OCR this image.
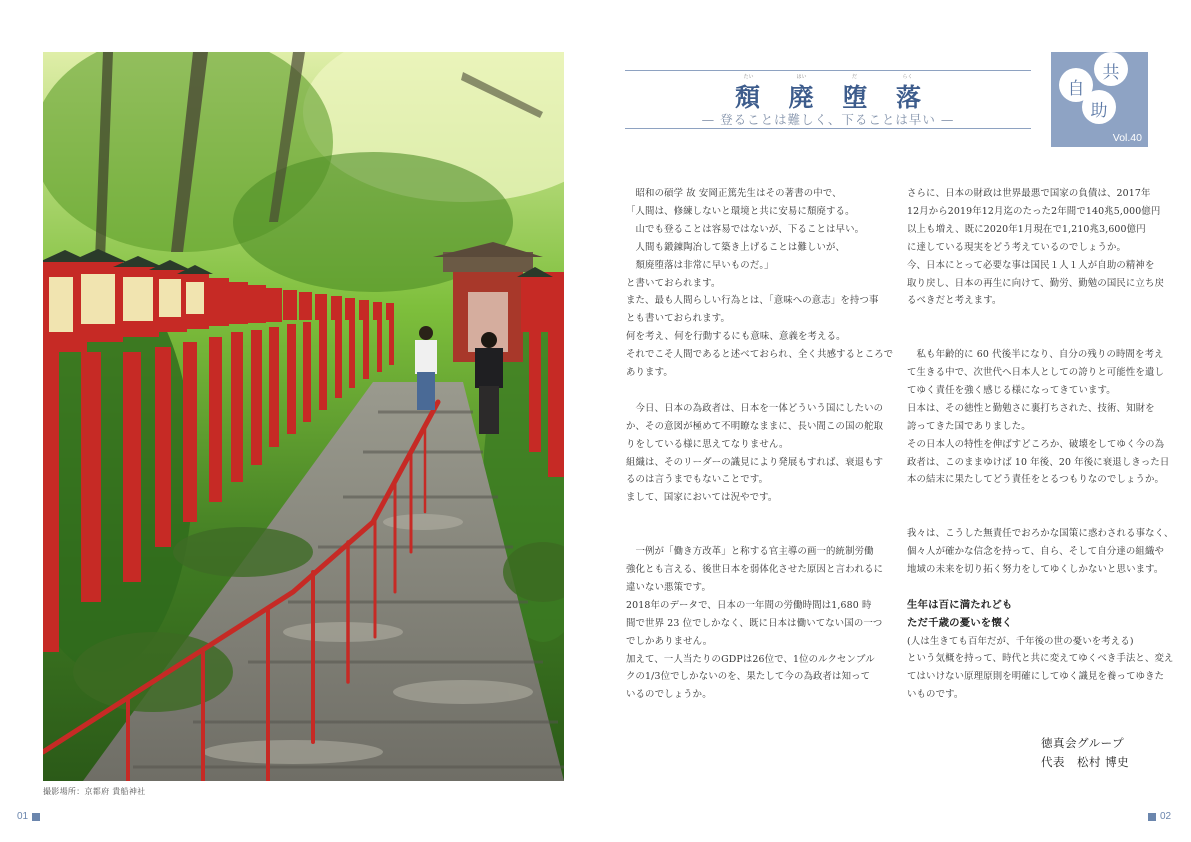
撮影場所：京都府 貴船神社
01
たい	はい	だ	らく
頽 廃 堕 落
— 登ることは難しく、下ることは早い —
自
共
助
Vol.40

　昭和の碩学 故 安岡正篤先生はその著書の中で、

「人間は、修練しないと環境と共に安易に頽廃する。

　山でも登ることは容易ではないが、下ることは早い。

　人間も鍛錬陶冶して築き上げることは難しいが、

　頽廃堕落は非常に早いものだ。」

と書いておられます。

また、最も人間らしい行為とは、「意味への意志」を持つ事

とも書いておられます。

何を考え、何を行動するにも意味、意義を考える。

それでこそ人間であると述べておられ、全く共感するところで

あります。

　今日、日本の為政者は、日本を一体どういう国にしたいの

か、その意図が極めて不明瞭なままに、長い間この国の舵取

りをしている様に思えてなりません。

組織は、そのリーダーの識見により発展もすれば、衰退もす

るのは言うまでもないことです。

まして、国家においては況やです。

　一例が「働き方改革」と称する官主導の画一的統制労働

強化とも言える、後世日本を弱体化させた原因と言われるに

違いない悪策です。

2018年のデータで、日本の一年間の労働時間は1,680 時

間で世界 23 位でしかなく、既に日本は働いてない国の一つ

でしかありません。

加えて、一人当たりのGDPは26位で、1位のルクセンブル

クの1/3位でしかないのを、果たして今の為政者は知って

いるのでしょうか。

さらに、日本の財政は世界最悪で国家の負債は、2017年

12月から2019年12月迄のたった2年間で140兆5,000億円

以上も増え、既に2020年1月現在で1,210兆3,600億円

に達している現実をどう考えているのでしょうか。

今、日本にとって必要な事は国民１人１人が自助の精神を

取り戻し、日本の再生に向けて、勤労、勤勉の国民に立ち戻

るべきだと考えます。

　私も年齢的に 60 代後半になり、自分の残りの時間を考え

て生きる中で、次世代へ日本人としての誇りと可能性を遺し

てゆく責任を強く感じる様になってきています。

日本は、その徳性と勤勉さに裏打ちされた、技術、知財を

誇ってきた国でありました。

その日本人の特性を伸ばすどころか、破壊をしてゆく今の為

政者は、このままゆけば 10 年後、20 年後に衰退しきった日

本の結末に果たしてどう責任をとるつもりなのでしょうか。

我々は、こうした無責任でおろかな国策に惑わされる事なく、

個々人が確かな信念を持って、自ら、そして自分達の組織や

地域の未来を切り拓く努力をしてゆくしかないと思います。

生年は百に満たれども

ただ千歳の憂いを懐く

(人は生きても百年だが、千年後の世の憂いを考える)

という気概を持って、時代と共に変えてゆくべき手法と、変え

てはいけない原理原則を明確にしてゆく識見を養ってゆきた

いものです。

徳真会グループ

代表　松村 博史

02
